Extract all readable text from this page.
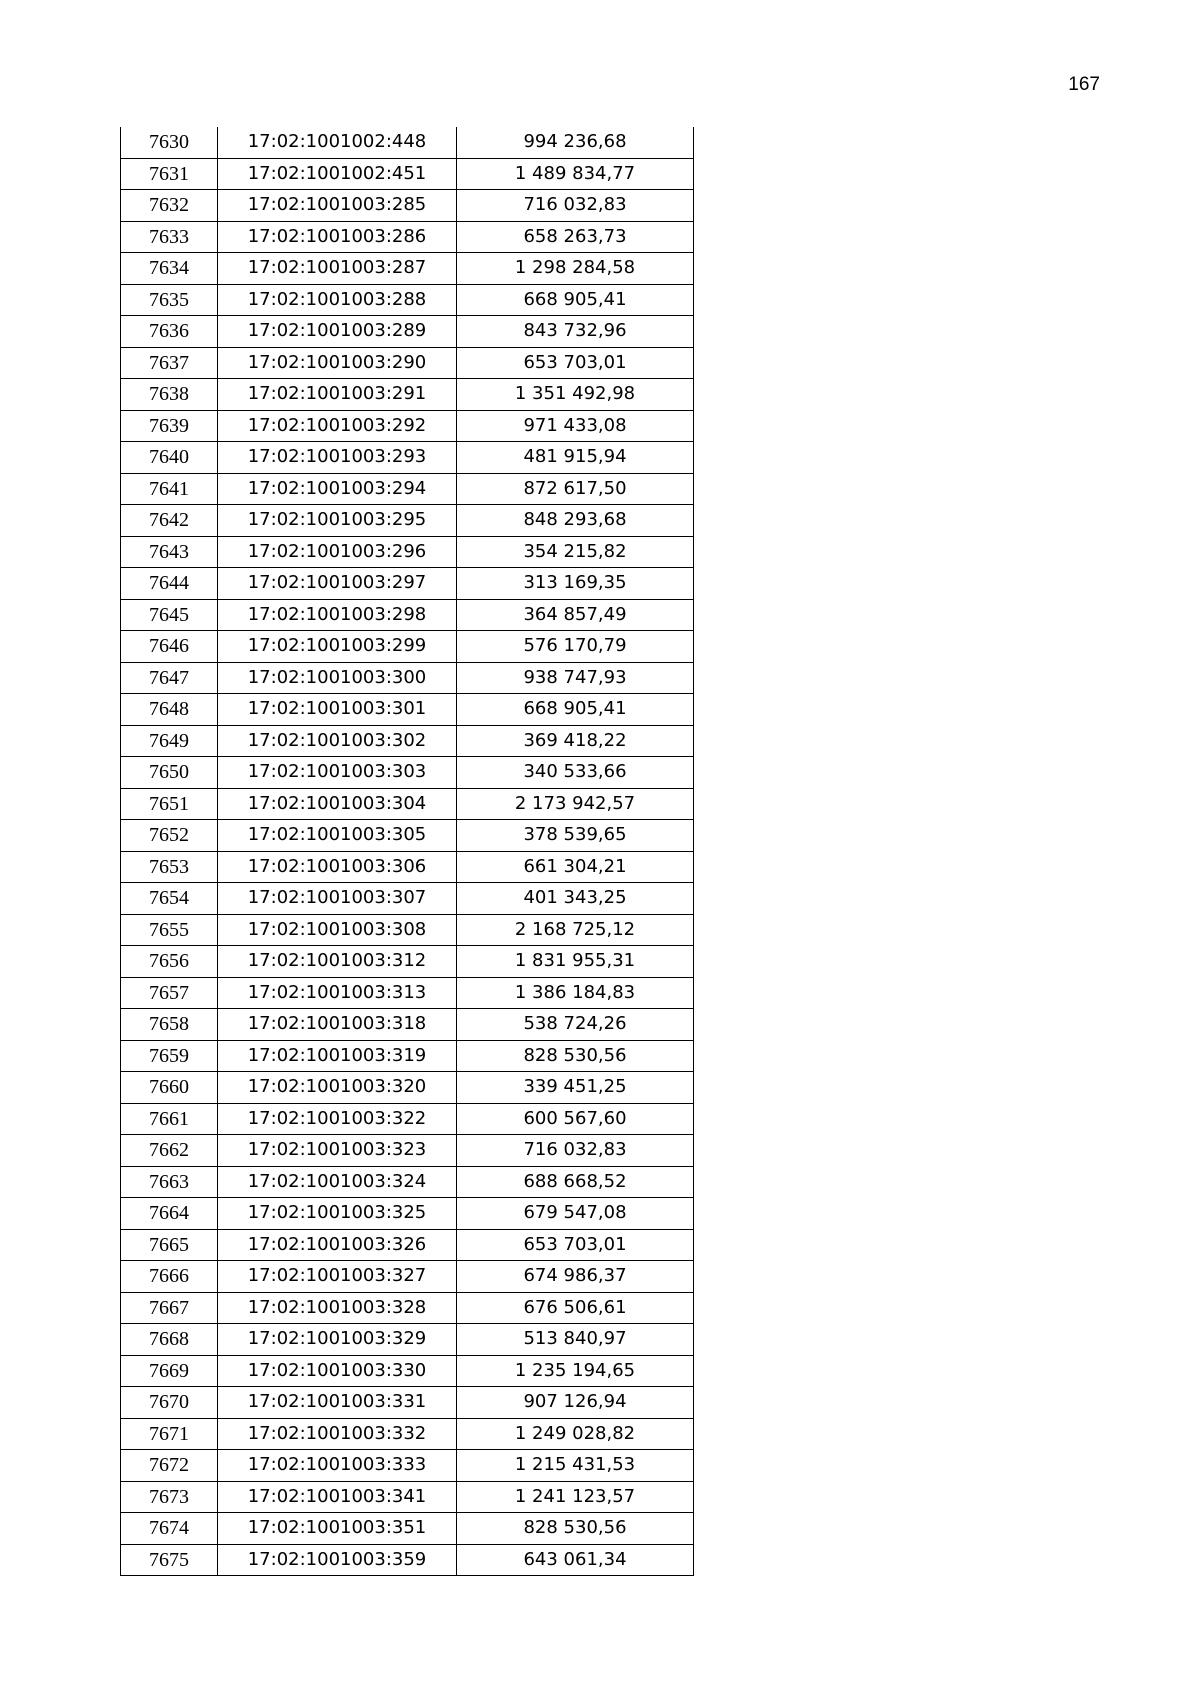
167
7630	17:02:1001002:448	994 236,68
7631	17:02:1001002:451	1 489 834,77
7632	17:02:1001003:285	716 032,83
7633	17:02:1001003:286	658 263,73
7634	17:02:1001003:287	1 298 284,58
7635	17:02:1001003:288	668 905,41
7636	17:02:1001003:289	843 732,96
7637	17:02:1001003:290	653 703,01
7638	17:02:1001003:291	1 351 492,98
7639	17:02:1001003:292	971 433,08
7640	17:02:1001003:293	481 915,94
7641	17:02:1001003:294	872 617,50
7642	17:02:1001003:295	848 293,68
7643	17:02:1001003:296	354 215,82
7644	17:02:1001003:297	313 169,35
7645	17:02:1001003:298	364 857,49
7646	17:02:1001003:299	576 170,79
7647	17:02:1001003:300	938 747,93
7648	17:02:1001003:301	668 905,41
7649	17:02:1001003:302	369 418,22
7650	17:02:1001003:303	340 533,66
7651	17:02:1001003:304	2 173 942,57
7652	17:02:1001003:305	378 539,65
7653	17:02:1001003:306	661 304,21
7654	17:02:1001003:307	401 343,25
7655	17:02:1001003:308	2 168 725,12
7656	17:02:1001003:312	1 831 955,31
7657	17:02:1001003:313	1 386 184,83
7658	17:02:1001003:318	538 724,26
7659	17:02:1001003:319	828 530,56
7660	17:02:1001003:320	339 451,25
7661	17:02:1001003:322	600 567,60
7662	17:02:1001003:323	716 032,83
7663	17:02:1001003:324	688 668,52
7664	17:02:1001003:325	679 547,08
7665	17:02:1001003:326	653 703,01
7666	17:02:1001003:327	674 986,37
7667	17:02:1001003:328	676 506,61
7668	17:02:1001003:329	513 840,97
7669	17:02:1001003:330	1 235 194,65
7670	17:02:1001003:331	907 126,94
7671	17:02:1001003:332	1 249 028,82
7672	17:02:1001003:333	1 215 431,53
7673	17:02:1001003:341	1 241 123,57
7674	17:02:1001003:351	828 530,56
7675	17:02:1001003:359	643 061,34
